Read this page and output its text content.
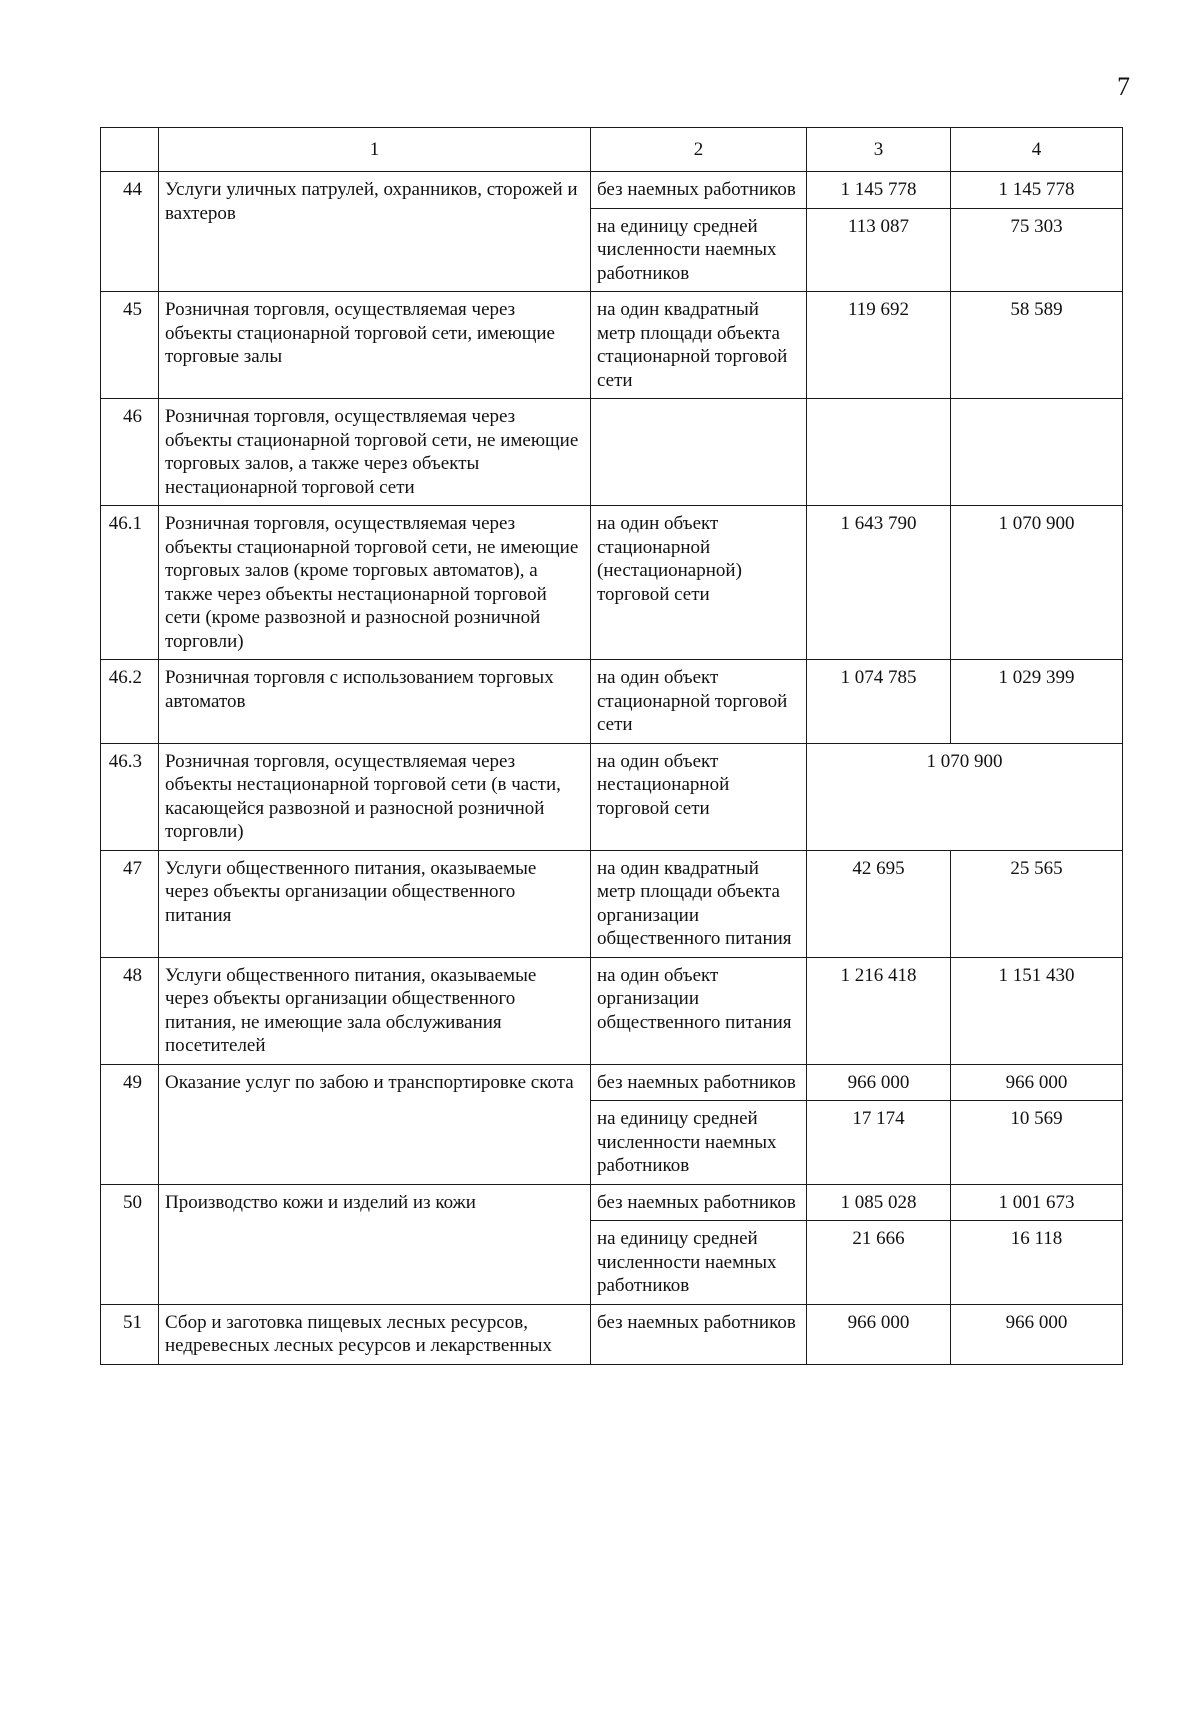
7
	1	2	3	4
44	Услуги уличных патрулей, охранников, сторожей и вахтеров	без наемных работников	1 145 778	1 145 778
		на единицу средней численности наемных работников	113 087	75 303
45	Розничная торговля, осуществляемая через объекты стационарной торговой сети, имеющие торговые залы	на один квадратный метр площади объекта стационарной торговой сети	119 692	58 589
46	Розничная торговля, осуществляемая через объекты стационарной торговой сети, не имеющие торговых залов, а также через объекты нестационарной торговой сети			
46.1	Розничная торговля, осуществляемая через объекты стационарной торговой сети, не имеющие торговых залов (кроме торговых автоматов), а также через объекты нестационарной торговой сети (кроме развозной и разносной розничной торговли)	на один объект стационарной (нестационарной) торговой сети	1 643 790	1 070 900
46.2	Розничная торговля с использованием торговых автоматов	на один объект стационарной торговой сети	1 074 785	1 029 399
46.3	Розничная торговля, осуществляемая через объекты нестационарной торговой сети (в части, касающейся развозной и разносной розничной торговли)	на один объект нестационарной торговой сети	1 070 900	
47	Услуги общественного питания, оказываемые через объекты организации общественного питания	на один квадратный метр площади объекта организации общественного питания	42 695	25 565
48	Услуги общественного питания, оказываемые через объекты организации общественного питания, не имеющие зала обслуживания посетителей	на один объект организации общественного питания	1 216 418	1 151 430
49	Оказание услуг по забою и транспортировке скота	без наемных работников	966 000	966 000
		на единицу средней численности наемных работников	17 174	10 569
50	Производство кожи и изделий из кожи	без наемных работников	1 085 028	1 001 673
		на единицу средней численности наемных работников	21 666	16 118
51	Сбор и заготовка пищевых лесных ресурсов, недревесных лесных ресурсов и лекарственных	без наемных работников	966 000	966 000
